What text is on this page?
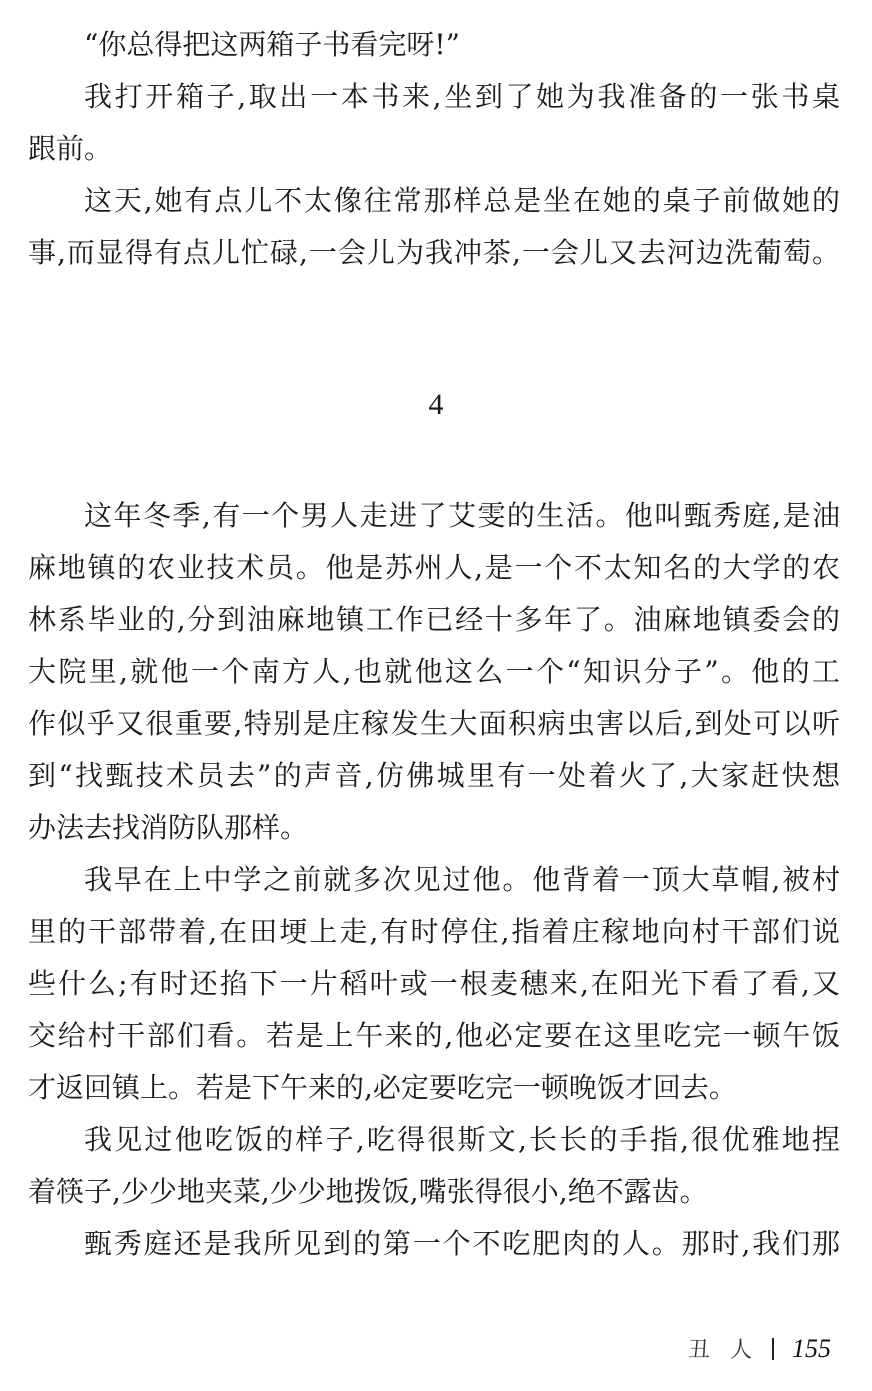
“你总得把这两箱子书看完呀!”
我打开箱子,取出一本书来,坐到了她为我准备的一张书桌
跟前。
这天,她有点儿不太像往常那样总是坐在她的桌子前做她的
事,而显得有点儿忙碌,一会儿为我冲茶,一会儿又去河边洗葡萄。
4
这年冬季,有一个男人走进了艾雯的生活。他叫甄秀庭,是油
麻地镇的农业技术员。他是苏州人,是一个不太知名的大学的农
林系毕业的,分到油麻地镇工作已经十多年了。油麻地镇委会的
大院里,就他一个南方人,也就他这么一个“知识分子”。他的工
作似乎又很重要,特别是庄稼发生大面积病虫害以后,到处可以听
到“找甄技术员去”的声音,仿佛城里有一处着火了,大家赶快想
办法去找消防队那样。
我早在上中学之前就多次见过他。他背着一顶大草帽,被村
里的干部带着,在田埂上走,有时停住,指着庄稼地向村干部们说
些什么;有时还掐下一片稻叶或一根麦穗来,在阳光下看了看,又
交给村干部们看。若是上午来的,他必定要在这里吃完一顿午饭
才返回镇上。若是下午来的,必定要吃完一顿晚饭才回去。
我见过他吃饭的样子,吃得很斯文,长长的手指,很优雅地捏
着筷子,少少地夹菜,少少地拨饭,嘴张得很小,绝不露齿。
甄秀庭还是我所见到的第一个不吃肥肉的人。那时,我们那
丑人 155
